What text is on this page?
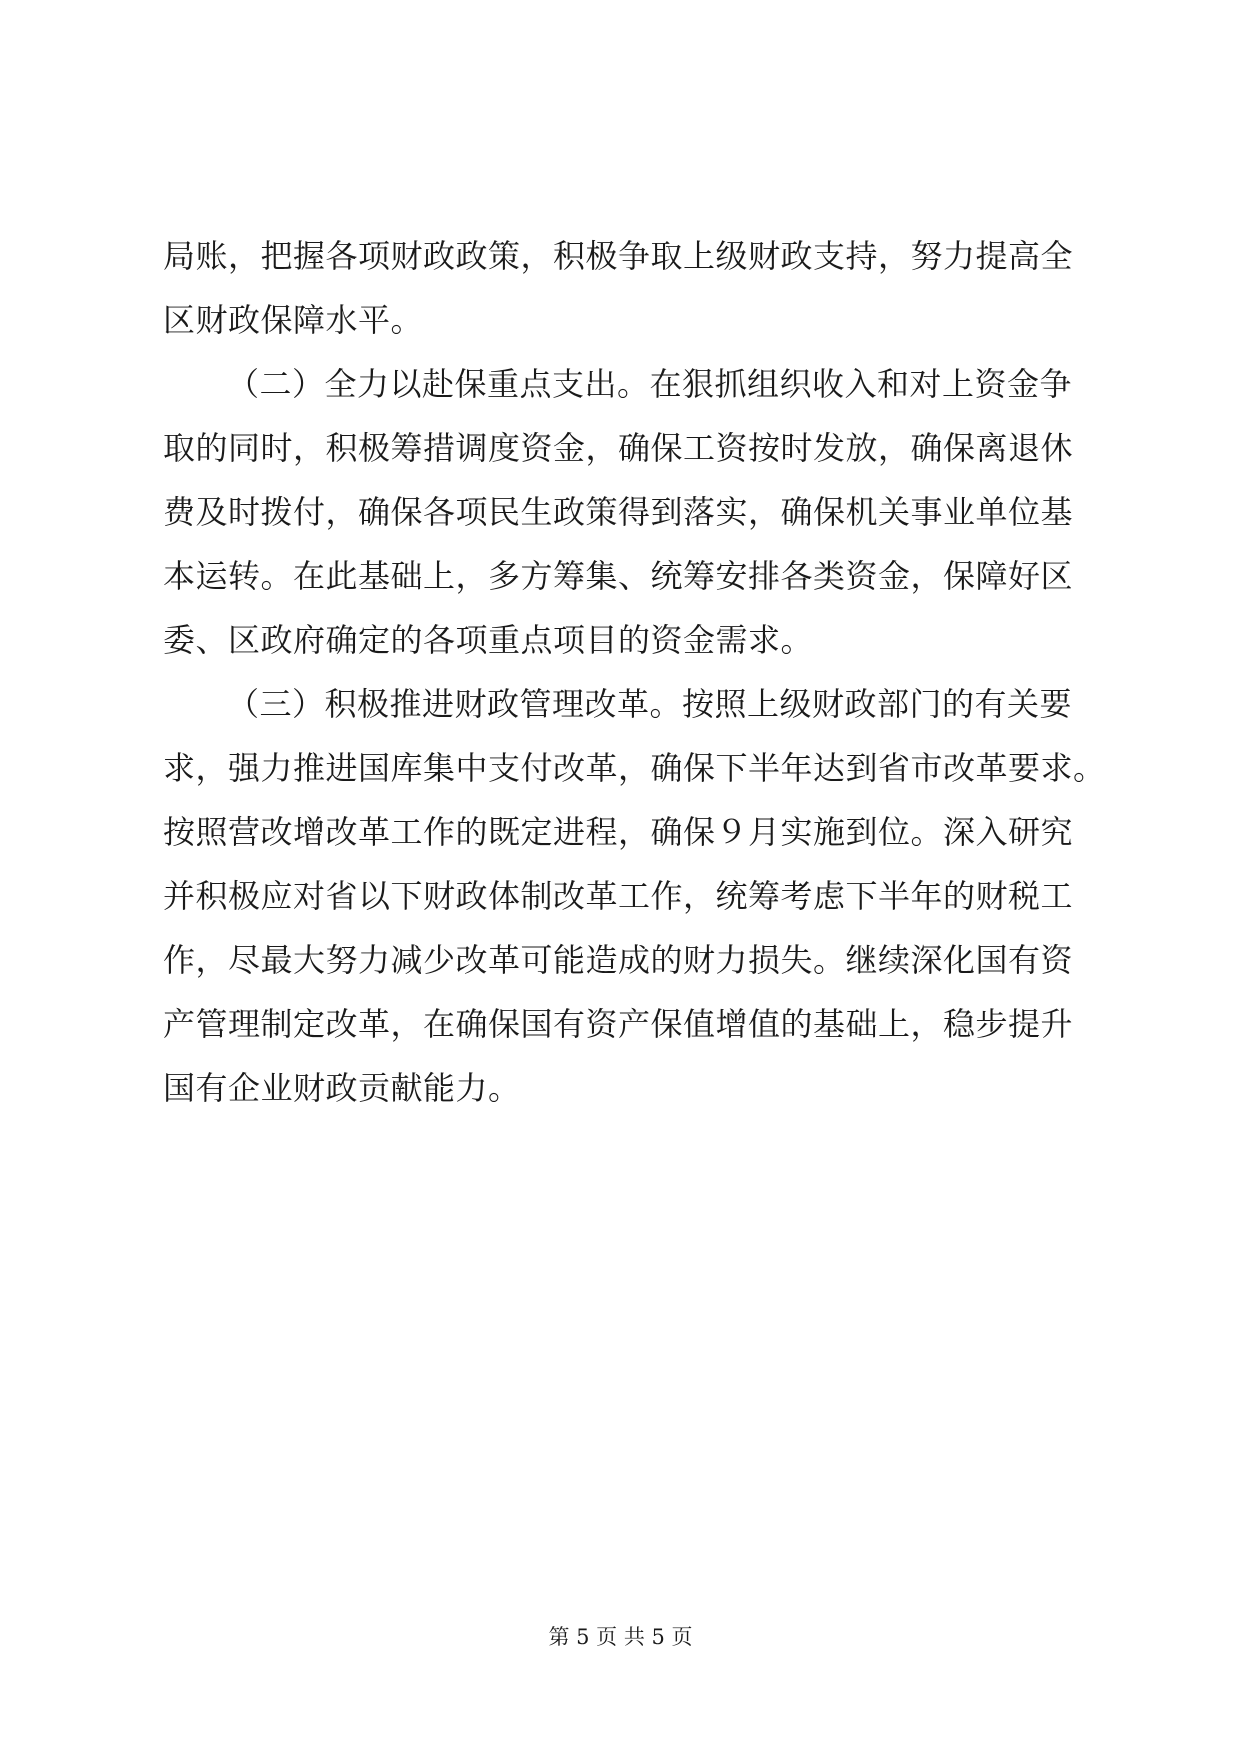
局账，把握各项财政政策，积极争取上级财政支持，努力提高全
区财政保障水平。
（二）全力以赴保重点支出。在狠抓组织收入和对上资金争
取的同时，积极筹措调度资金，确保工资按时发放，确保离退休
费及时拨付，确保各项民生政策得到落实，确保机关事业单位基
本运转。在此基础上，多方筹集、统筹安排各类资金，保障好区
委、区政府确定的各项重点项目的资金需求。
（三）积极推进财政管理改革。按照上级财政部门的有关要
求，强力推进国库集中支付改革，确保下半年达到省市改革要求。
按照营改增改革工作的既定进程，确保９月实施到位。深入研究
并积极应对省以下财政体制改革工作，统筹考虑下半年的财税工
作，尽最大努力减少改革可能造成的财力损失。继续深化国有资
产管理制定改革，在确保国有资产保值增值的基础上，稳步提升
国有企业财政贡献能力。
第 5 页 共 5 页
